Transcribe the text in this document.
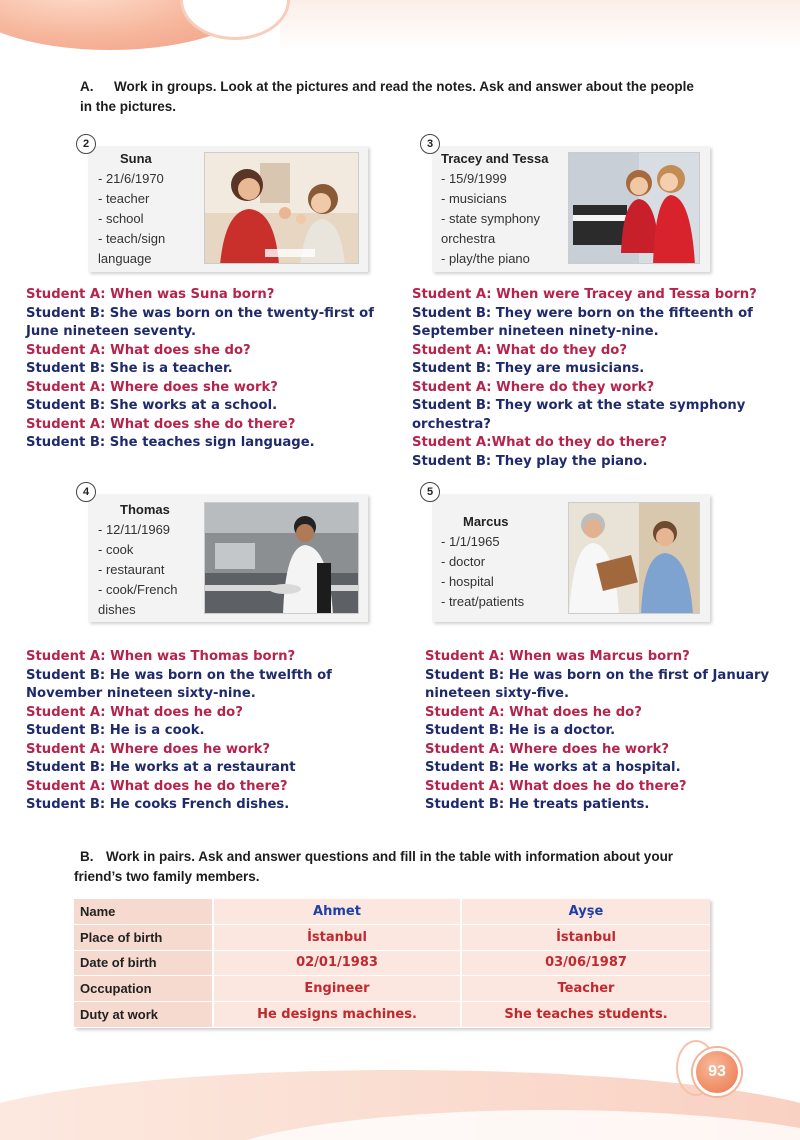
93
A. Work in groups. Look at the pictures and read the notes. Ask and answer about the people
in the pictures.
2
Suna
- 21/6/1970
- teacher
- school
- teach/sign
language
3
Tracey and Tessa
- 15/9/1999
- musicians
- state symphony
orchestra
- play/the piano
Student A: When was Suna born?
Student B: She was born on the twenty-first of
June nineteen seventy.
Student A: What does she do?
Student B: She is a teacher.
Student A: Where does she work?
Student B: She works at a school.
Student A: What does she do there?
Student B: She teaches sign language.
Student A: When were Tracey and Tessa born?
Student B: They were born on the fifteenth of
September nineteen ninety-nine.
Student A: What do they do?
Student B: They are musicians.
Student A: Where do they work?
Student B: They work at the state symphony
orchestra?
Student A:What do they do there?
Student B: They play the piano.
4
Thomas
- 12/11/1969
- cook
- restaurant
- cook/French
dishes
5
Marcus
- 1/1/1965
- doctor
- hospital
- treat/patients
Student A: When was Thomas born?
Student B: He was born on the twelfth of
November nineteen sixty-nine.
Student A: What does he do?
Student B: He is a cook.
Student A: Where does he work?
Student B: He works at a restaurant
Student A: What does he do there?
Student B: He cooks French dishes.
Student A: When was Marcus born?
Student B: He was born on the first of January
nineteen sixty-five.
Student A: What does he do?
Student B: He is a doctor.
Student A: Where does he work?
Student B: He works at a hospital.
Student A: What does he do there?
Student B: He treats patients.
B. Work in pairs. Ask and answer questions and fill in the table with information about your
friend’s two family members.
Name	Ahmet	Ayşe
Place of birth	İstanbul	İstanbul
Date of birth	02/01/1983	03/06/1987
Occupation	Engineer	Teacher
Duty at work	He designs machines.	She teaches students.
